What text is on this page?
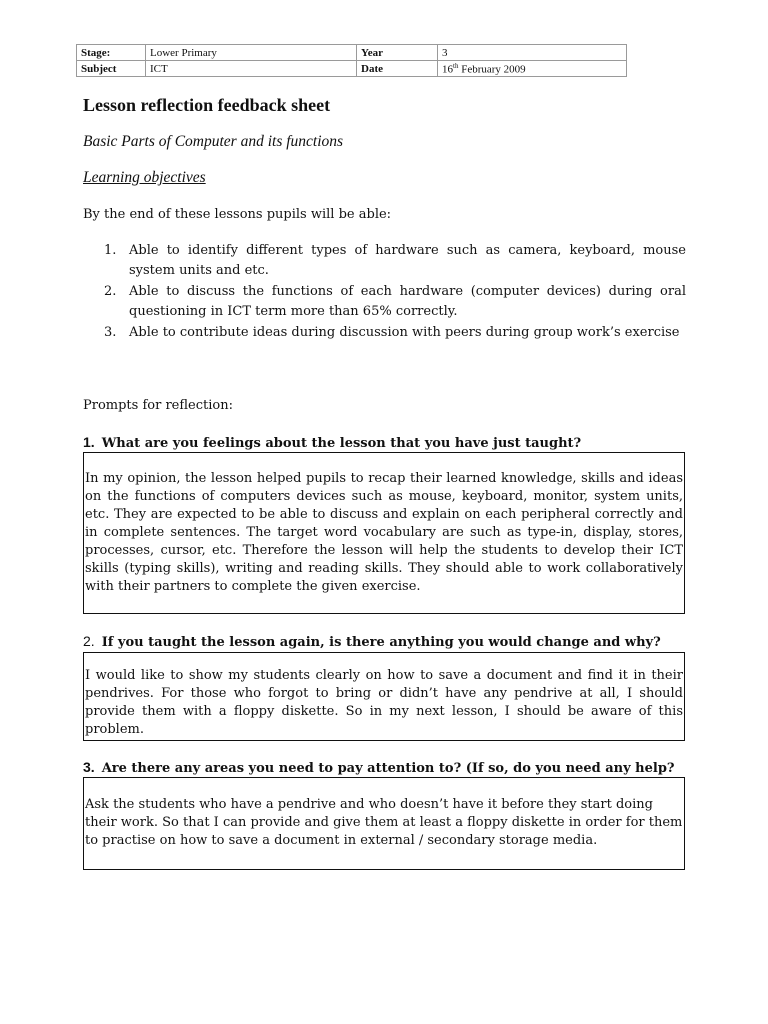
Stage:	Lower Primary	Year	3
Subject	ICT	Date	16th February 2009
Lesson reflection feedback sheet
Basic Parts of Computer and its functions
Learning objectives
By the end of these lessons pupils will be able:
1. Able to identify different types of hardware such as camera, keyboard, mouse system units and etc.
2. Able to discuss the functions of each hardware (computer devices) during oral questioning in ICT term more than 65% correctly.
3. Able to contribute ideas during discussion with peers during group work’s exercise
Prompts for reflection:
1. What are you feelings about the lesson that you have just taught?

In my opinion, the lesson helped pupils to recap their learned knowledge, skills and ideas on the functions of computers devices such as mouse, keyboard, monitor, system units, etc. They are expected to be able to discuss and explain on each peripheral correctly and in complete sentences. The target word vocabulary are such as type-in, display, stores, processes, cursor, etc. Therefore the lesson will help the students to develop their ICT skills (typing skills), writing and reading skills. They should able to work collaboratively with their partners to complete the given exercise.

2. If you taught the lesson again, is there anything you would change and why?

I would like to show my students clearly on how to save a document and find it in their pendrives. For those who forgot to bring or didn’t have any pendrive at all, I should provide them with a floppy diskette. So in my next lesson, I should be aware of this problem.

3. Are there any areas you need to pay attention to? (If so, do you need any help?

Ask the students who have a pendrive and who doesn’t have it before they start doing their work. So that I can provide and give them at least a floppy diskette in order for them to practise on how to save a document in external / secondary storage media.
